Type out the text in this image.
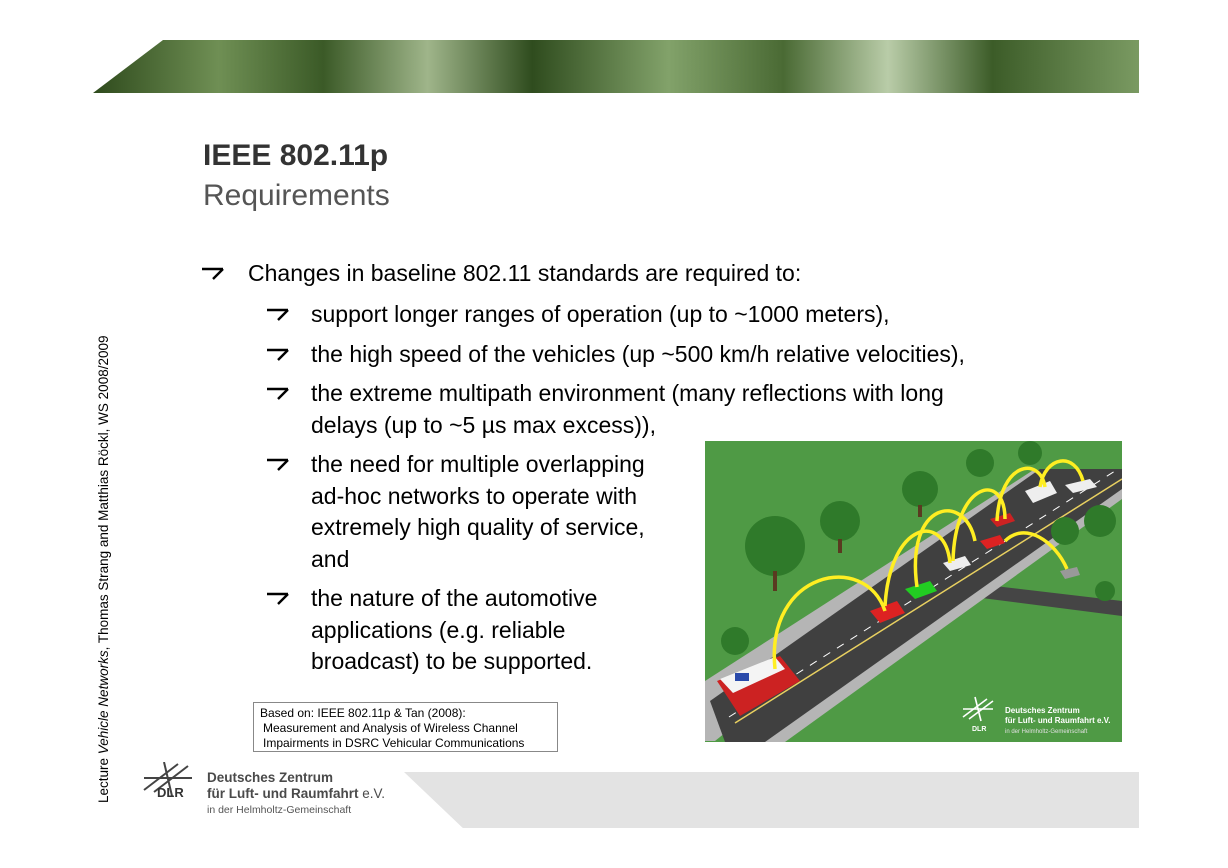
Lecture Vehicle Networks, Thomas Strang and Matthias Röckl, WS 2008/2009
IEEE 802.11p
Requirements
Changes in baseline 802.11 standards are required to:
support longer ranges of operation (up to ~1000 meters),
the high speed of the vehicles (up ~500 km/h relative velocities),
the extreme multipath environment (many reflections with long
delays (up to ~5 µs max excess)),
the need for multiple overlapping
ad-hoc networks to operate with
extremely high quality of service,
and
the nature of the automotive
applications (e.g. reliable
broadcast) to be supported.
Based on: IEEE 802.11p & Tan (2008):
Measurement and Analysis of Wireless Channel
Impairments in DSRC Vehicular Communications
DLR
Deutsches Zentrum
für Luft- und Raumfahrt e.V.
in der Helmholtz-Gemeinschaft
DLR
Deutsches Zentrum
für Luft- und Raumfahrt e.V.
in der Helmholtz-Gemeinschaft
